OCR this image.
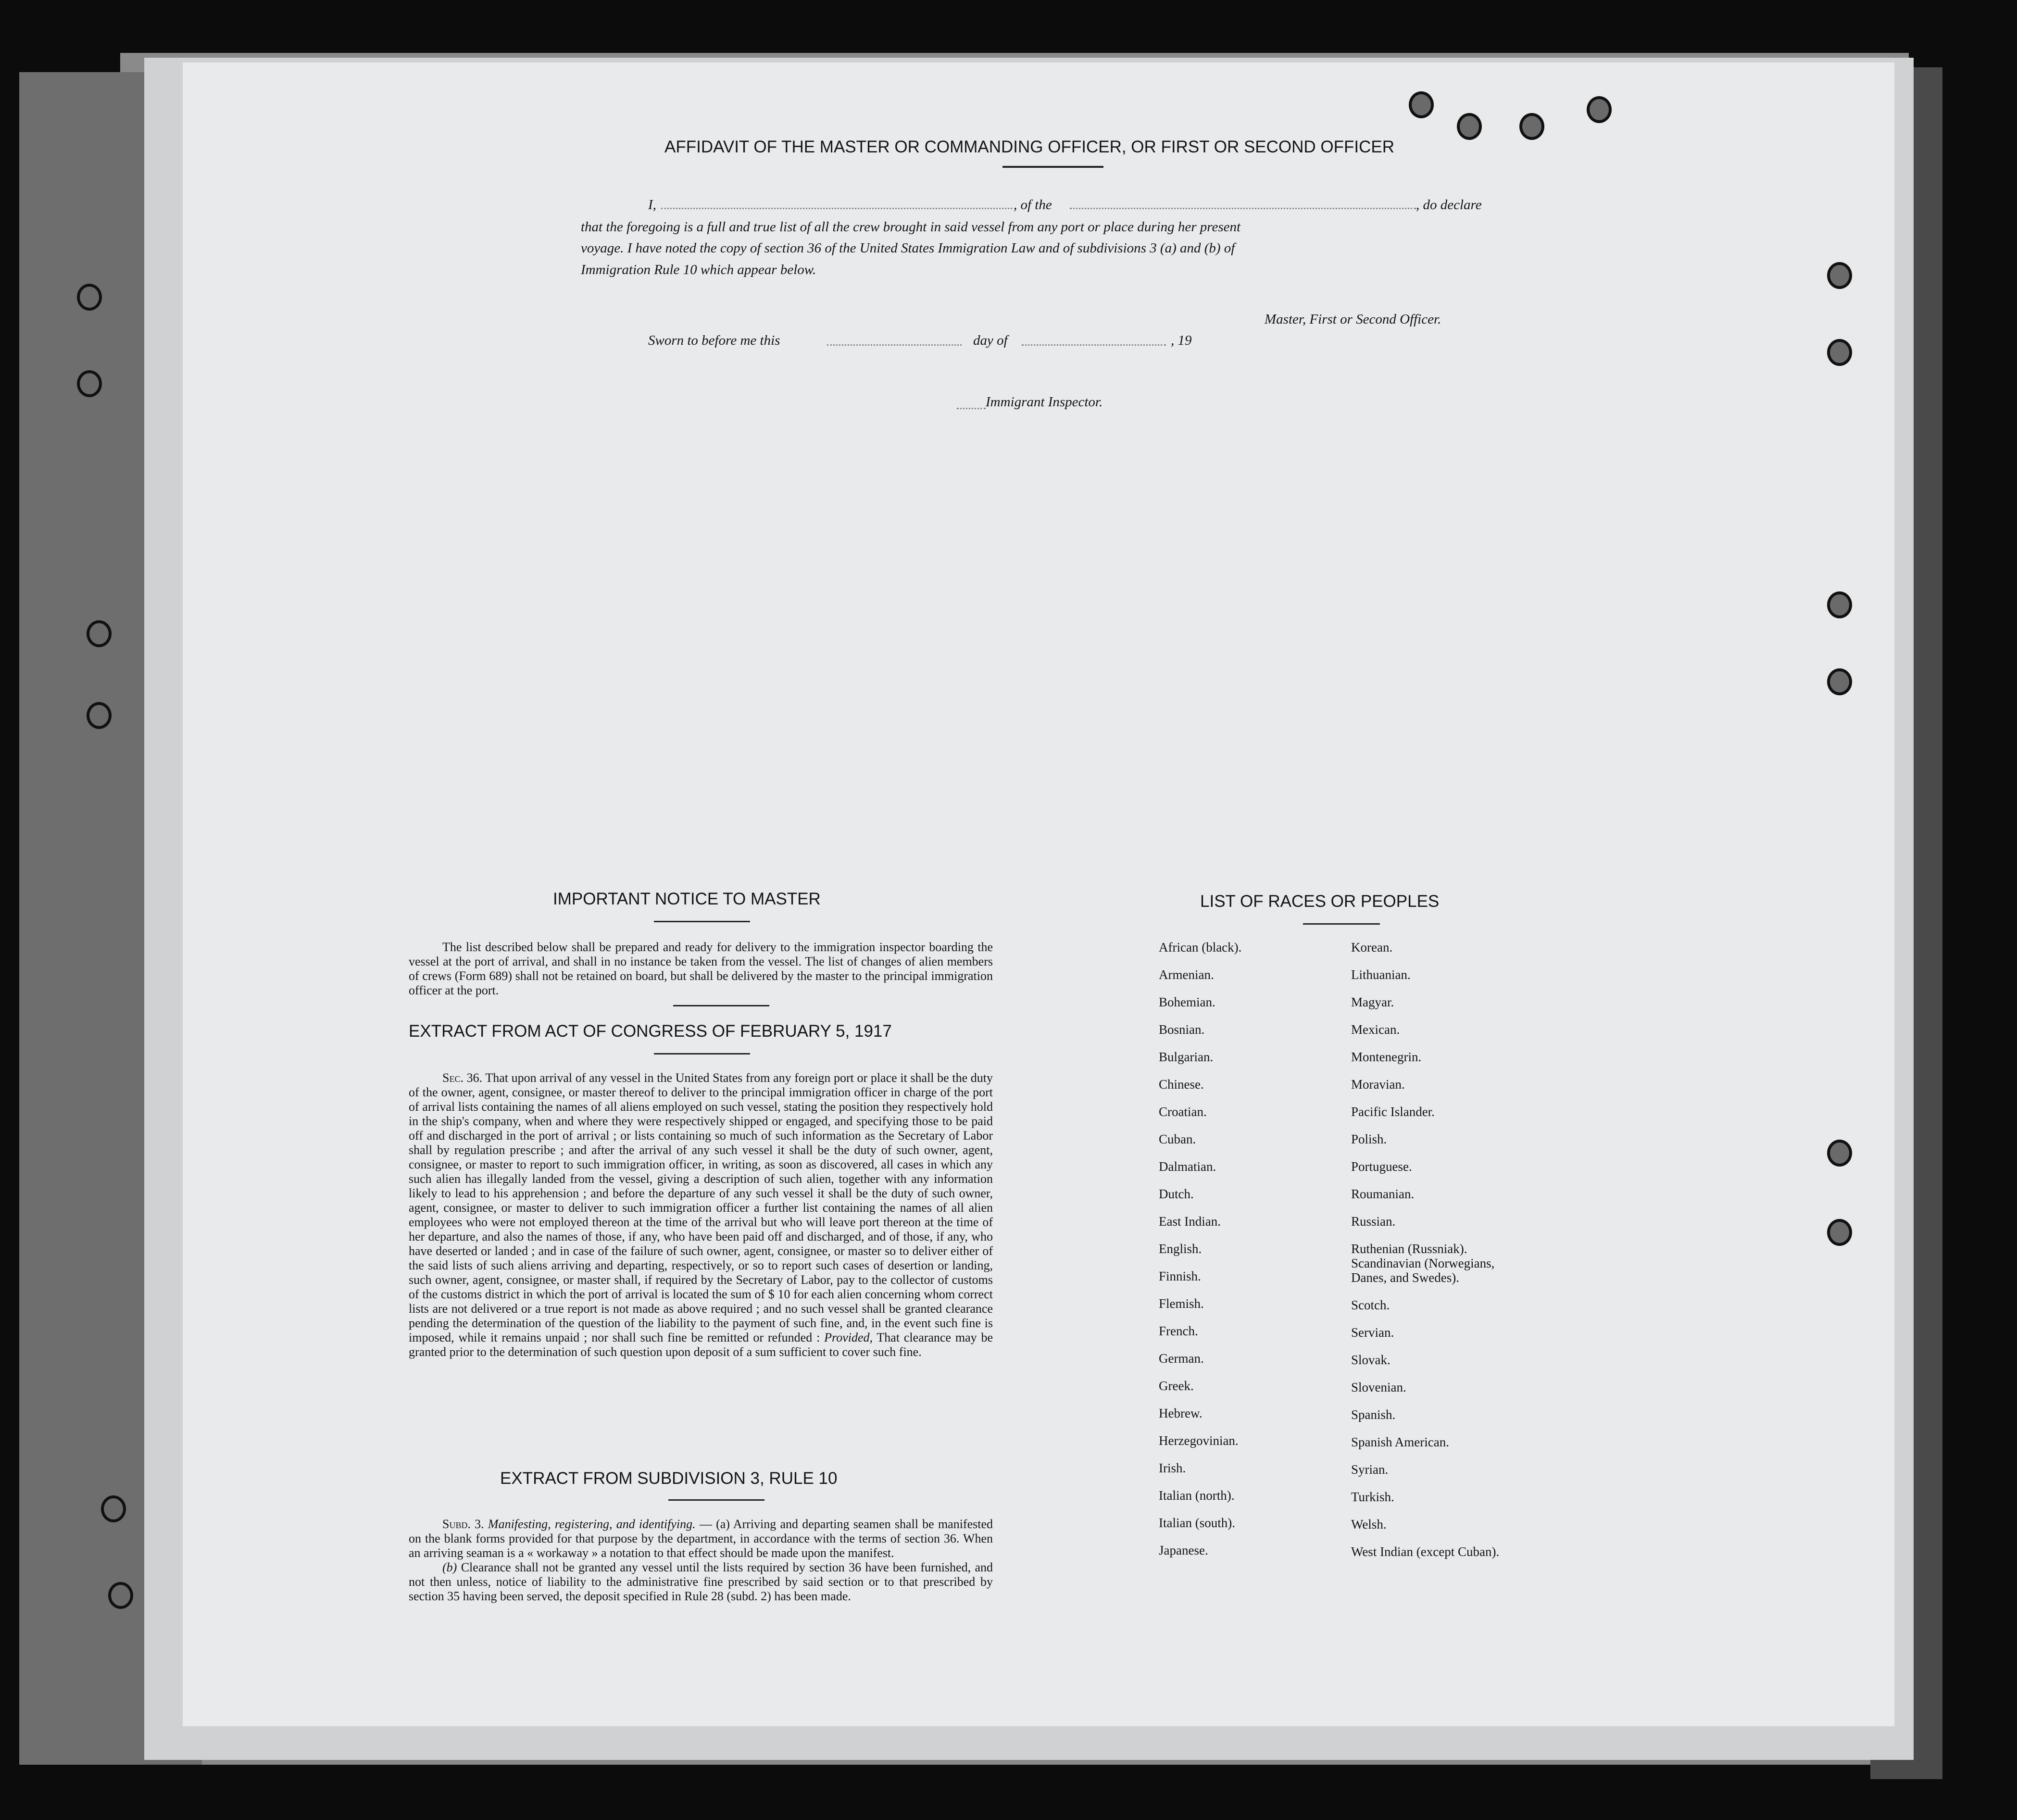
AFFIDAVIT OF THE MASTER OR COMMANDING OFFICER, OR FIRST OR SECOND OFFICER
I,	, of the	, do declare
that the foregoing is a full and true list of all the crew brought in said vessel from any port or place during her present
voyage. I have noted the copy of section 36 of the United States Immigration Law and of subdivisions 3 (a) and (b) of
Immigration Rule 10 which appear below.
Master, First or Second Officer.
Sworn to before me this	day of	, 19
Immigrant Inspector.
IMPORTANT NOTICE TO MASTER
The list described below shall be prepared and ready for delivery to the immigration inspector boarding the vessel at the port of arrival, and shall in no instance be taken from the vessel. The list of changes of alien members of crews (Form 689) shall not be retained on board, but shall be delivered by the master to the principal immigration officer at the port.
EXTRACT FROM ACT OF CONGRESS OF FEBRUARY 5, 1917
Sec. 36. That upon arrival of any vessel in the United States from any foreign port or place it shall be the duty of the owner, agent, consignee, or master thereof to deliver to the principal immigration officer in charge of the port of arrival lists containing the names of all aliens employed on such vessel, stating the position they respectively hold in the ship's company, when and where they were respectively shipped or engaged, and specifying those to be paid off and discharged in the port of arrival ; or lists containing so much of such information as the Secretary of Labor shall by regulation prescribe ; and after the arrival of any such vessel it shall be the duty of such owner, agent, consignee, or master to report to such immigration officer, in writing, as soon as discovered, all cases in which any such alien has illegally landed from the vessel, giving a description of such alien, together with any information likely to lead to his apprehension ; and before the departure of any such vessel it shall be the duty of such owner, agent, consignee, or master to deliver to such immigration officer a further list containing the names of all alien employees who were not employed thereon at the time of the arrival but who will leave port thereon at the time of her departure, and also the names of those, if any, who have been paid off and discharged, and of those, if any, who have deserted or landed ; and in case of the failure of such owner, agent, consignee, or master so to deliver either of the said lists of such aliens arriving and departing, respectively, or so to report such cases of desertion or landing, such owner, agent, consignee, or master shall, if required by the Secretary of Labor, pay to the collector of customs of the customs district in which the port of arrival is located the sum of $ 10 for each alien concerning whom correct lists are not delivered or a true report is not made as above required ; and no such vessel shall be granted clearance pending the determination of the question of the liability to the payment of such fine, and, in the event such fine is imposed, while it remains unpaid ; nor shall such fine be remitted or refunded : Provided, That clearance may be granted prior to the determination of such question upon deposit of a sum sufficient to cover such fine.
EXTRACT FROM SUBDIVISION 3, RULE 10

Subd. 3. Manifesting, registering, and identifying. — (a) Arriving and departing seamen shall be manifested on the blank forms provided for that purpose by the department, in accordance with the terms of section 36. When an arriving seaman is a « workaway » a notation to that effect should be made upon the manifest.

(b) Clearance shall not be granted any vessel until the lists required by section 36 have been furnished, and not then unless, notice of liability to the administrative fine prescribed by said section or to that prescribed by section 35 having been served, the deposit specified in Rule 28 (subd. 2) has been made.

LIST OF RACES OR PEOPLES
African (black).
Armenian.
Bohemian.
Bosnian.
Bulgarian.
Chinese.
Croatian.
Cuban.
Dalmatian.
Dutch.
East Indian.
English.
Finnish.
Flemish.
French.
German.
Greek.
Hebrew.
Herzegovinian.
Irish.
Italian (north).
Italian (south).
Japanese.
Korean.
Lithuanian.
Magyar.
Mexican.
Montenegrin.
Moravian.
Pacific Islander.
Polish.
Portuguese.
Roumanian.
Russian.
Ruthenian (Russniak).
Scandinavian (Norwegians,
Danes, and Swedes).
Scotch.
Servian.
Slovak.
Slovenian.
Spanish.
Spanish American.
Syrian.
Turkish.
Welsh.
West Indian (except Cuban).
